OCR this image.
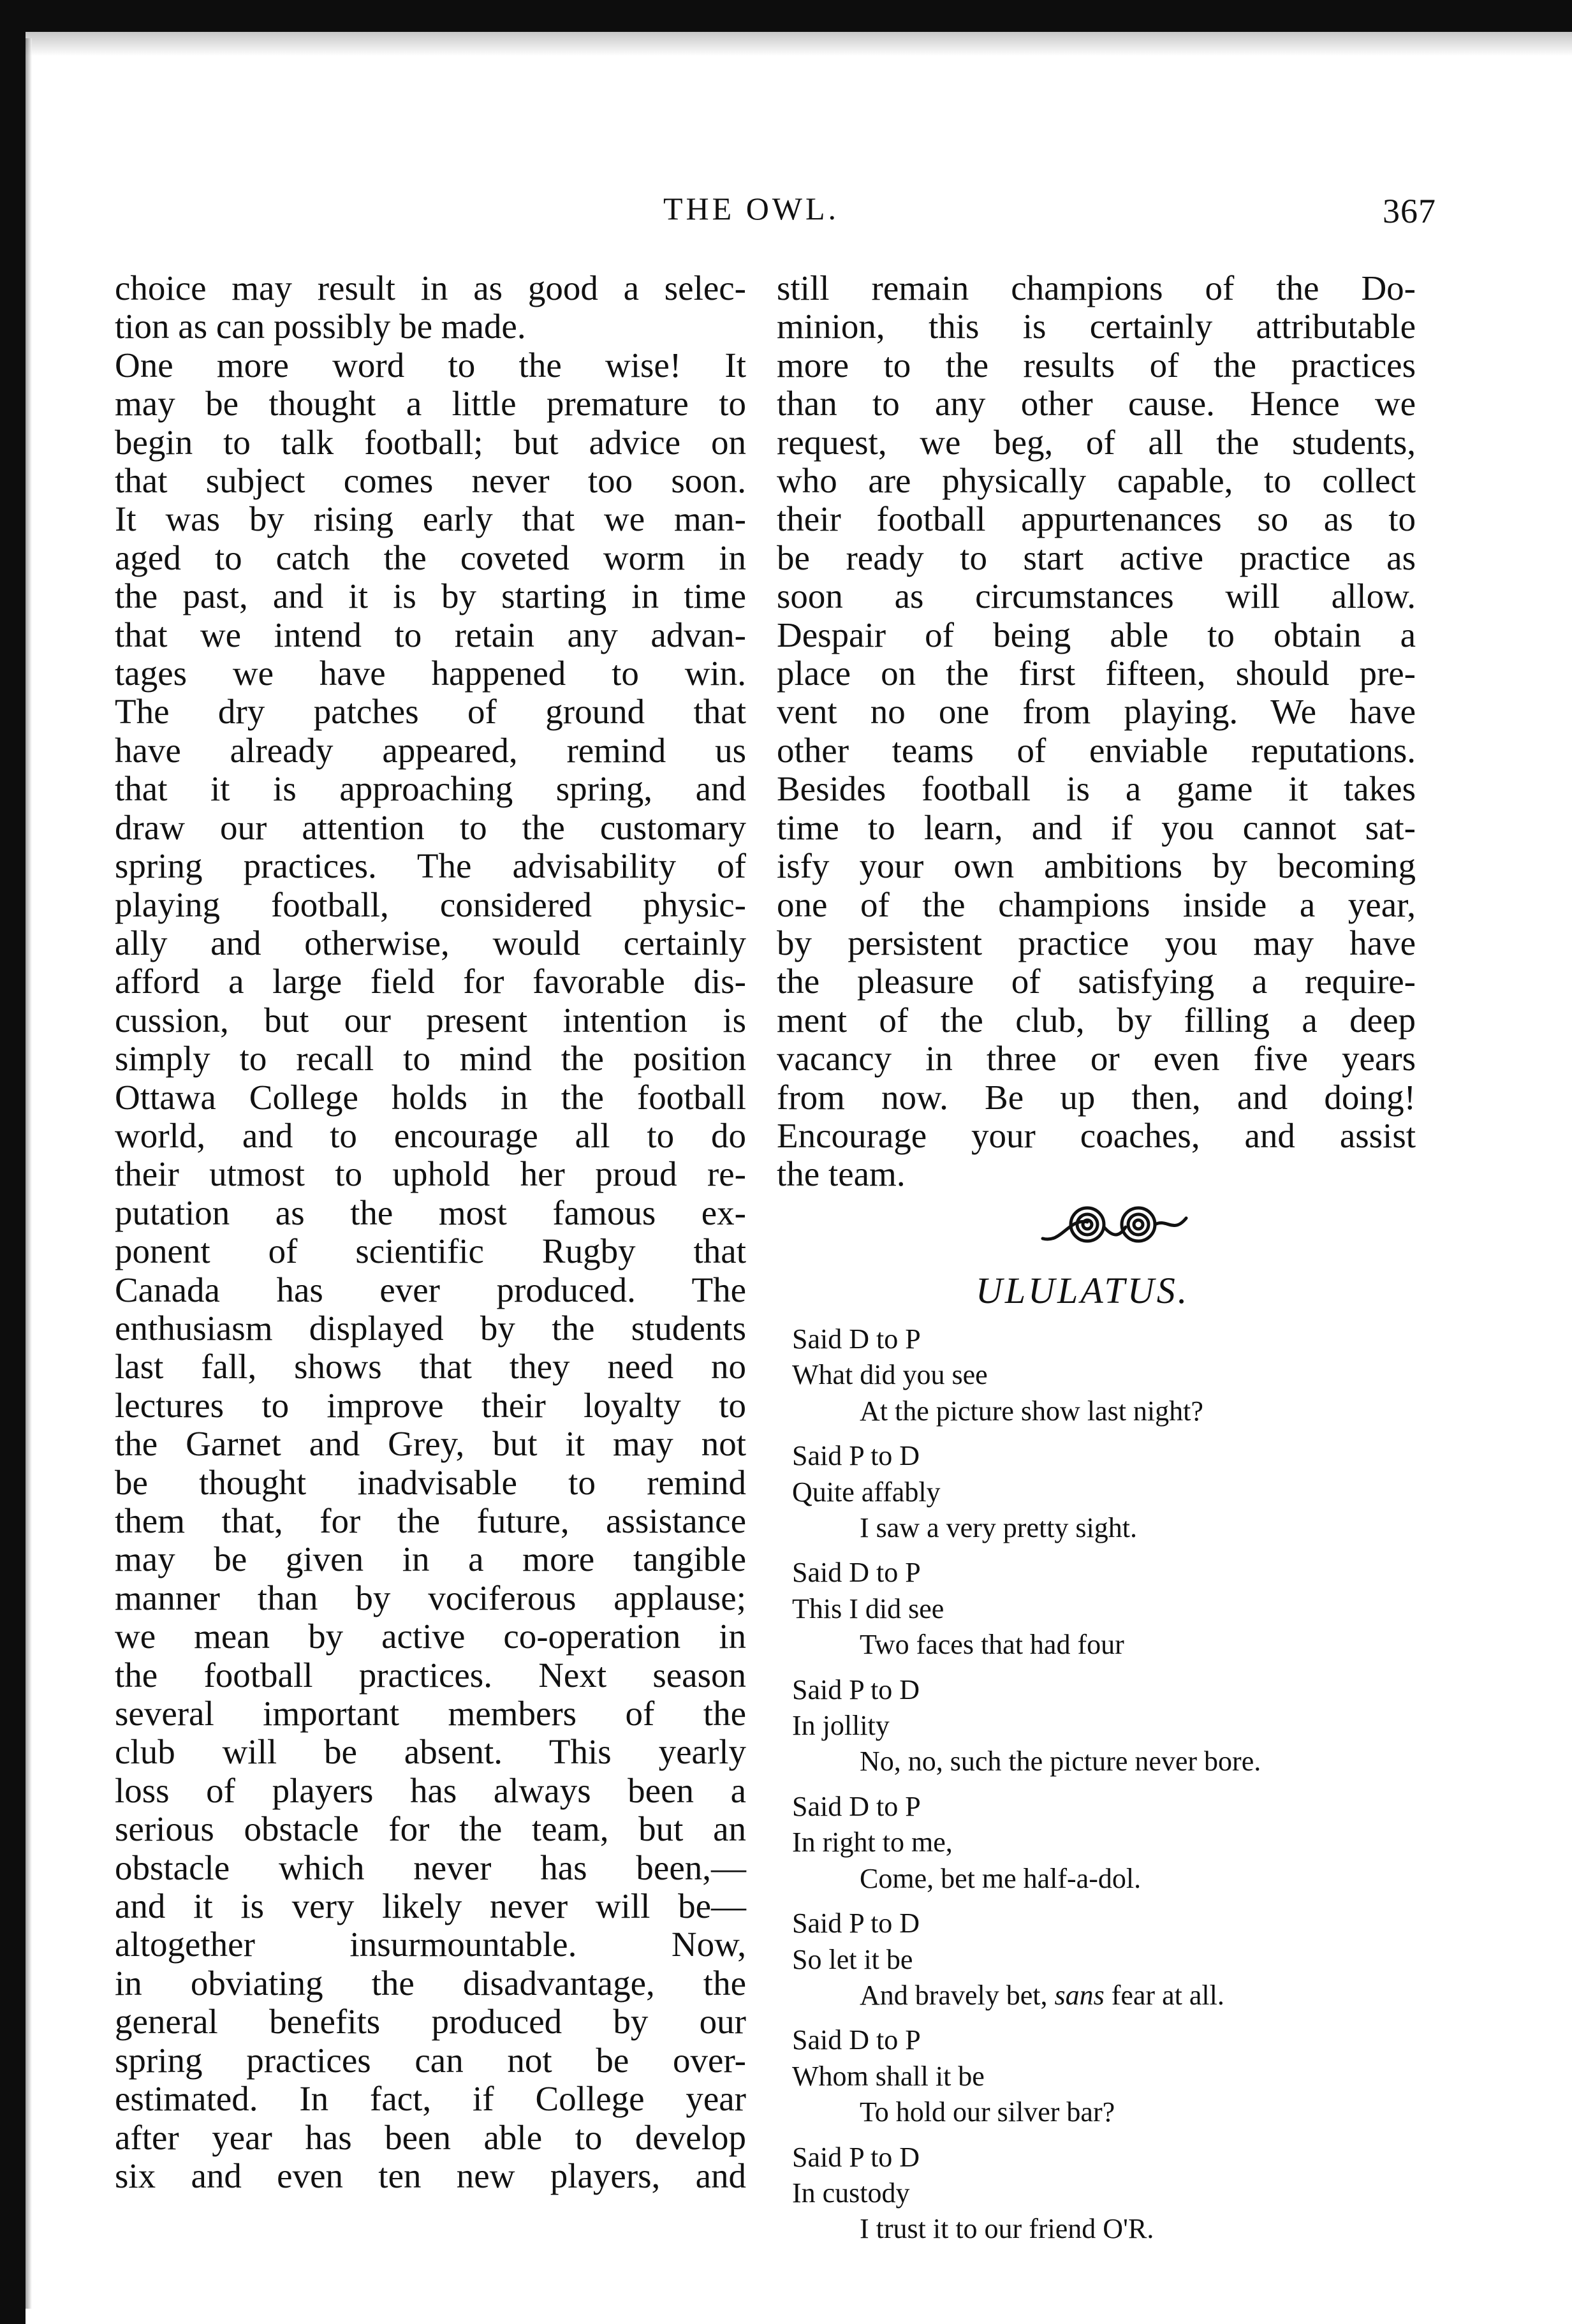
THE OWL.	367

choice may result in as good a selec-

tion as can possibly be made.

One more word to the wise! It

may be thought a little premature to

begin to talk football; but advice on

that subject comes never too soon.

It was by rising early that we man-

aged to catch the coveted worm in

the past, and it is by starting in time

that we intend to retain any advan-

tages we have happened to win.

The dry patches of ground that

have already appeared, remind us

that it is approaching spring, and

draw our attention to the customary

spring practices. The advisability of

playing football, considered physic-

ally and otherwise, would certainly

afford a large field for favorable dis-

cussion, but our present intention is

simply to recall to mind the position

Ottawa College holds in the football

world, and to encourage all to do

their utmost to uphold her proud re-

putation as the most famous ex-

ponent of scientific Rugby that

Canada has ever produced. The

enthusiasm displayed by the students

last fall, shows that they need no

lectures to improve their loyalty to

the Garnet and Grey, but it may not

be thought inadvisable to remind

them that, for the future, assistance

may be given in a more tangible

manner than by vociferous applause;

we mean by active co-operation in

the football practices. Next season

several important members of the

club will be absent. This yearly

loss of players has always been a

serious obstacle for the team, but an

obstacle which never has been,—

and it is very likely never will be—

altogether insurmountable. Now,

in obviating the disadvantage, the

general benefits produced by our

spring practices can not be over-

estimated. In fact, if College year

after year has been able to develop

six and even ten new players, and

still remain champions of the Do-

minion, this is certainly attributable

more to the results of the practices

than to any other cause. Hence we

request, we beg, of all the students,

who are physically capable, to collect

their football appurtenances so as to

be ready to start active practice as

soon as circumstances will allow.

Despair of being able to obtain a

place on the first fifteen, should pre-

vent no one from playing. We have

other teams of enviable reputations.

Besides football is a game it takes

time to learn, and if you cannot sat-

isfy your own ambitions by becoming

one of the champions inside a year,

by persistent practice you may have

the pleasure of satisfying a require-

ment of the club, by filling a deep

vacancy in three or even five years

from now. Be up then, and doing!

Encourage your coaches, and assist

the team.

ULULATUS.
Said D to P
What did you see
At the picture show last night?
Said P to D
Quite affably
I saw a very pretty sight.
Said D to P
This I did see
Two faces that had four
Said P to D
In jollity
No, no, such the picture never bore.
Said D to P
In right to me,
Come, bet me half-a-dol.
Said P to D
So let it be
And bravely bet, sans fear at all.
Said D to P
Whom shall it be
To hold our silver bar?
Said P to D
In custody
I trust it to our friend O'R.
